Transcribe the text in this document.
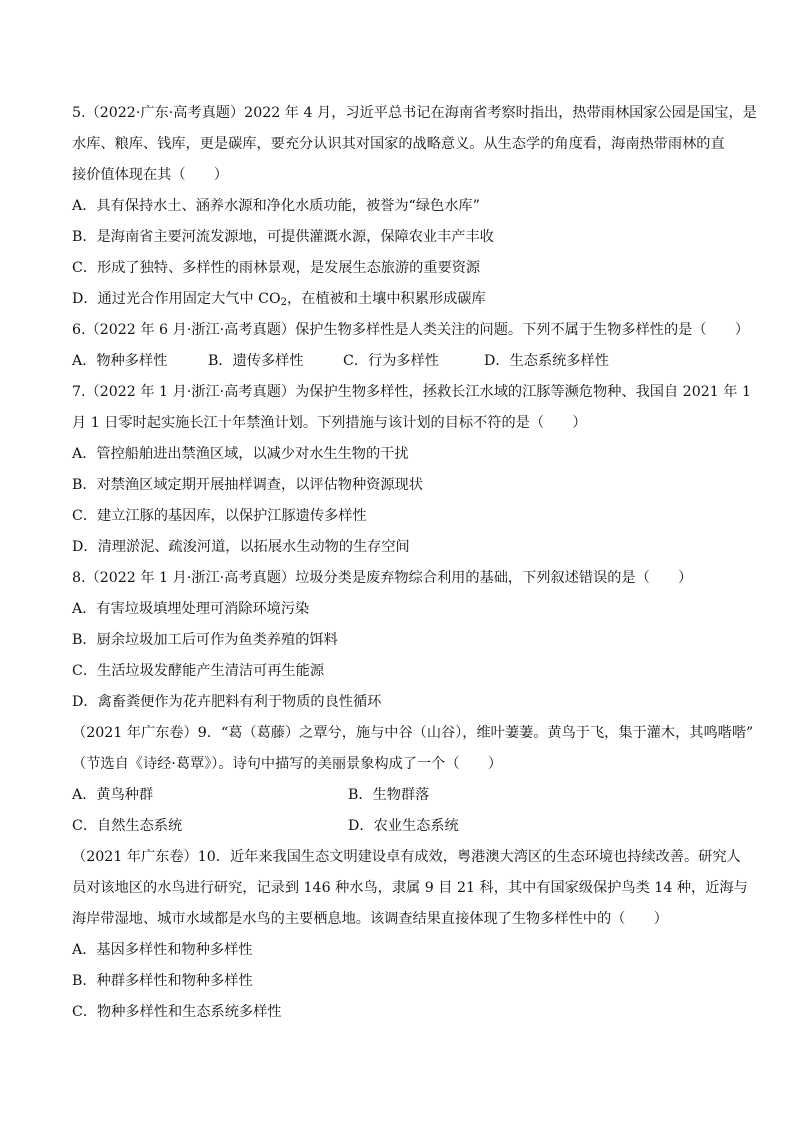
5.（2022·广东·高考真题）2022 年 4 月，习近平总书记在海南省考察时指出，热带雨林国家公园是国宝，是
水库、粮库、钱库，更是碳库，要充分认识其对国家的战略意义。从生态学的角度看，海南热带雨林的直
接价值体现在其（　　）
A．具有保持水土、涵养水源和净化水质功能，被誉为“绿色水库”
B．是海南省主要河流发源地，可提供灌溉水源，保障农业丰产丰收
C．形成了独特、多样性的雨林景观，是发展生态旅游的重要资源
D．通过光合作用固定大气中 $CO_2$，在植被和土壤中积累形成碳库
6.（2022 年 6 月·浙江·高考真题）保护生物多样性是人类关注的问题。下列不属于生物多样性的是（　　）
A．物种多样性	B．遗传多样性	C．行为多样性	D．生态系统多样性
7.（2022 年 1 月·浙江·高考真题）为保护生物多样性，拯救长江水域的江豚等濒危物种、我国自 2021 年 1
月 1 日零时起实施长江十年禁渔计划。下列措施与该计划的目标不符的是（　　）
A．管控船舶进出禁渔区域，以减少对水生生物的干扰
B．对禁渔区域定期开展抽样调查，以评估物种资源现状
C．建立江豚的基因库，以保护江豚遗传多样性
D．清理淤泥、疏浚河道，以拓展水生动物的生存空间
8.（2022 年 1 月·浙江·高考真题）垃圾分类是废弃物综合利用的基础，下列叙述错误的是（　　）
A．有害垃圾填埋处理可消除环境污染
B．厨余垃圾加工后可作为鱼类养殖的饵料
C．生活垃圾发酵能产生清洁可再生能源
D．禽畜粪便作为花卉肥料有利于物质的良性循环
（2021 年广东卷）9．“葛（葛藤）之覃兮，施与中谷（山谷），维叶萋萋。黄鸟于飞，集于灌木，其鸣喈喈”
（节选自《诗经·葛覃》）。诗句中描写的美丽景象构成了一个（　　）
A．黄鸟种群	B．生物群落
C．自然生态系统	D．农业生态系统
（2021 年广东卷）10．近年来我国生态文明建设卓有成效，粤港澳大湾区的生态环境也持续改善。研究人
员对该地区的水鸟进行研究，记录到 146 种水鸟，隶属 9 目 21 科，其中有国家级保护鸟类 14 种，近海与
海岸带湿地、城市水域都是水鸟的主要栖息地。该调查结果直接体现了生物多样性中的（　　）
A．基因多样性和物种多样性
B．种群多样性和物种多样性
C．物种多样性和生态系统多样性
